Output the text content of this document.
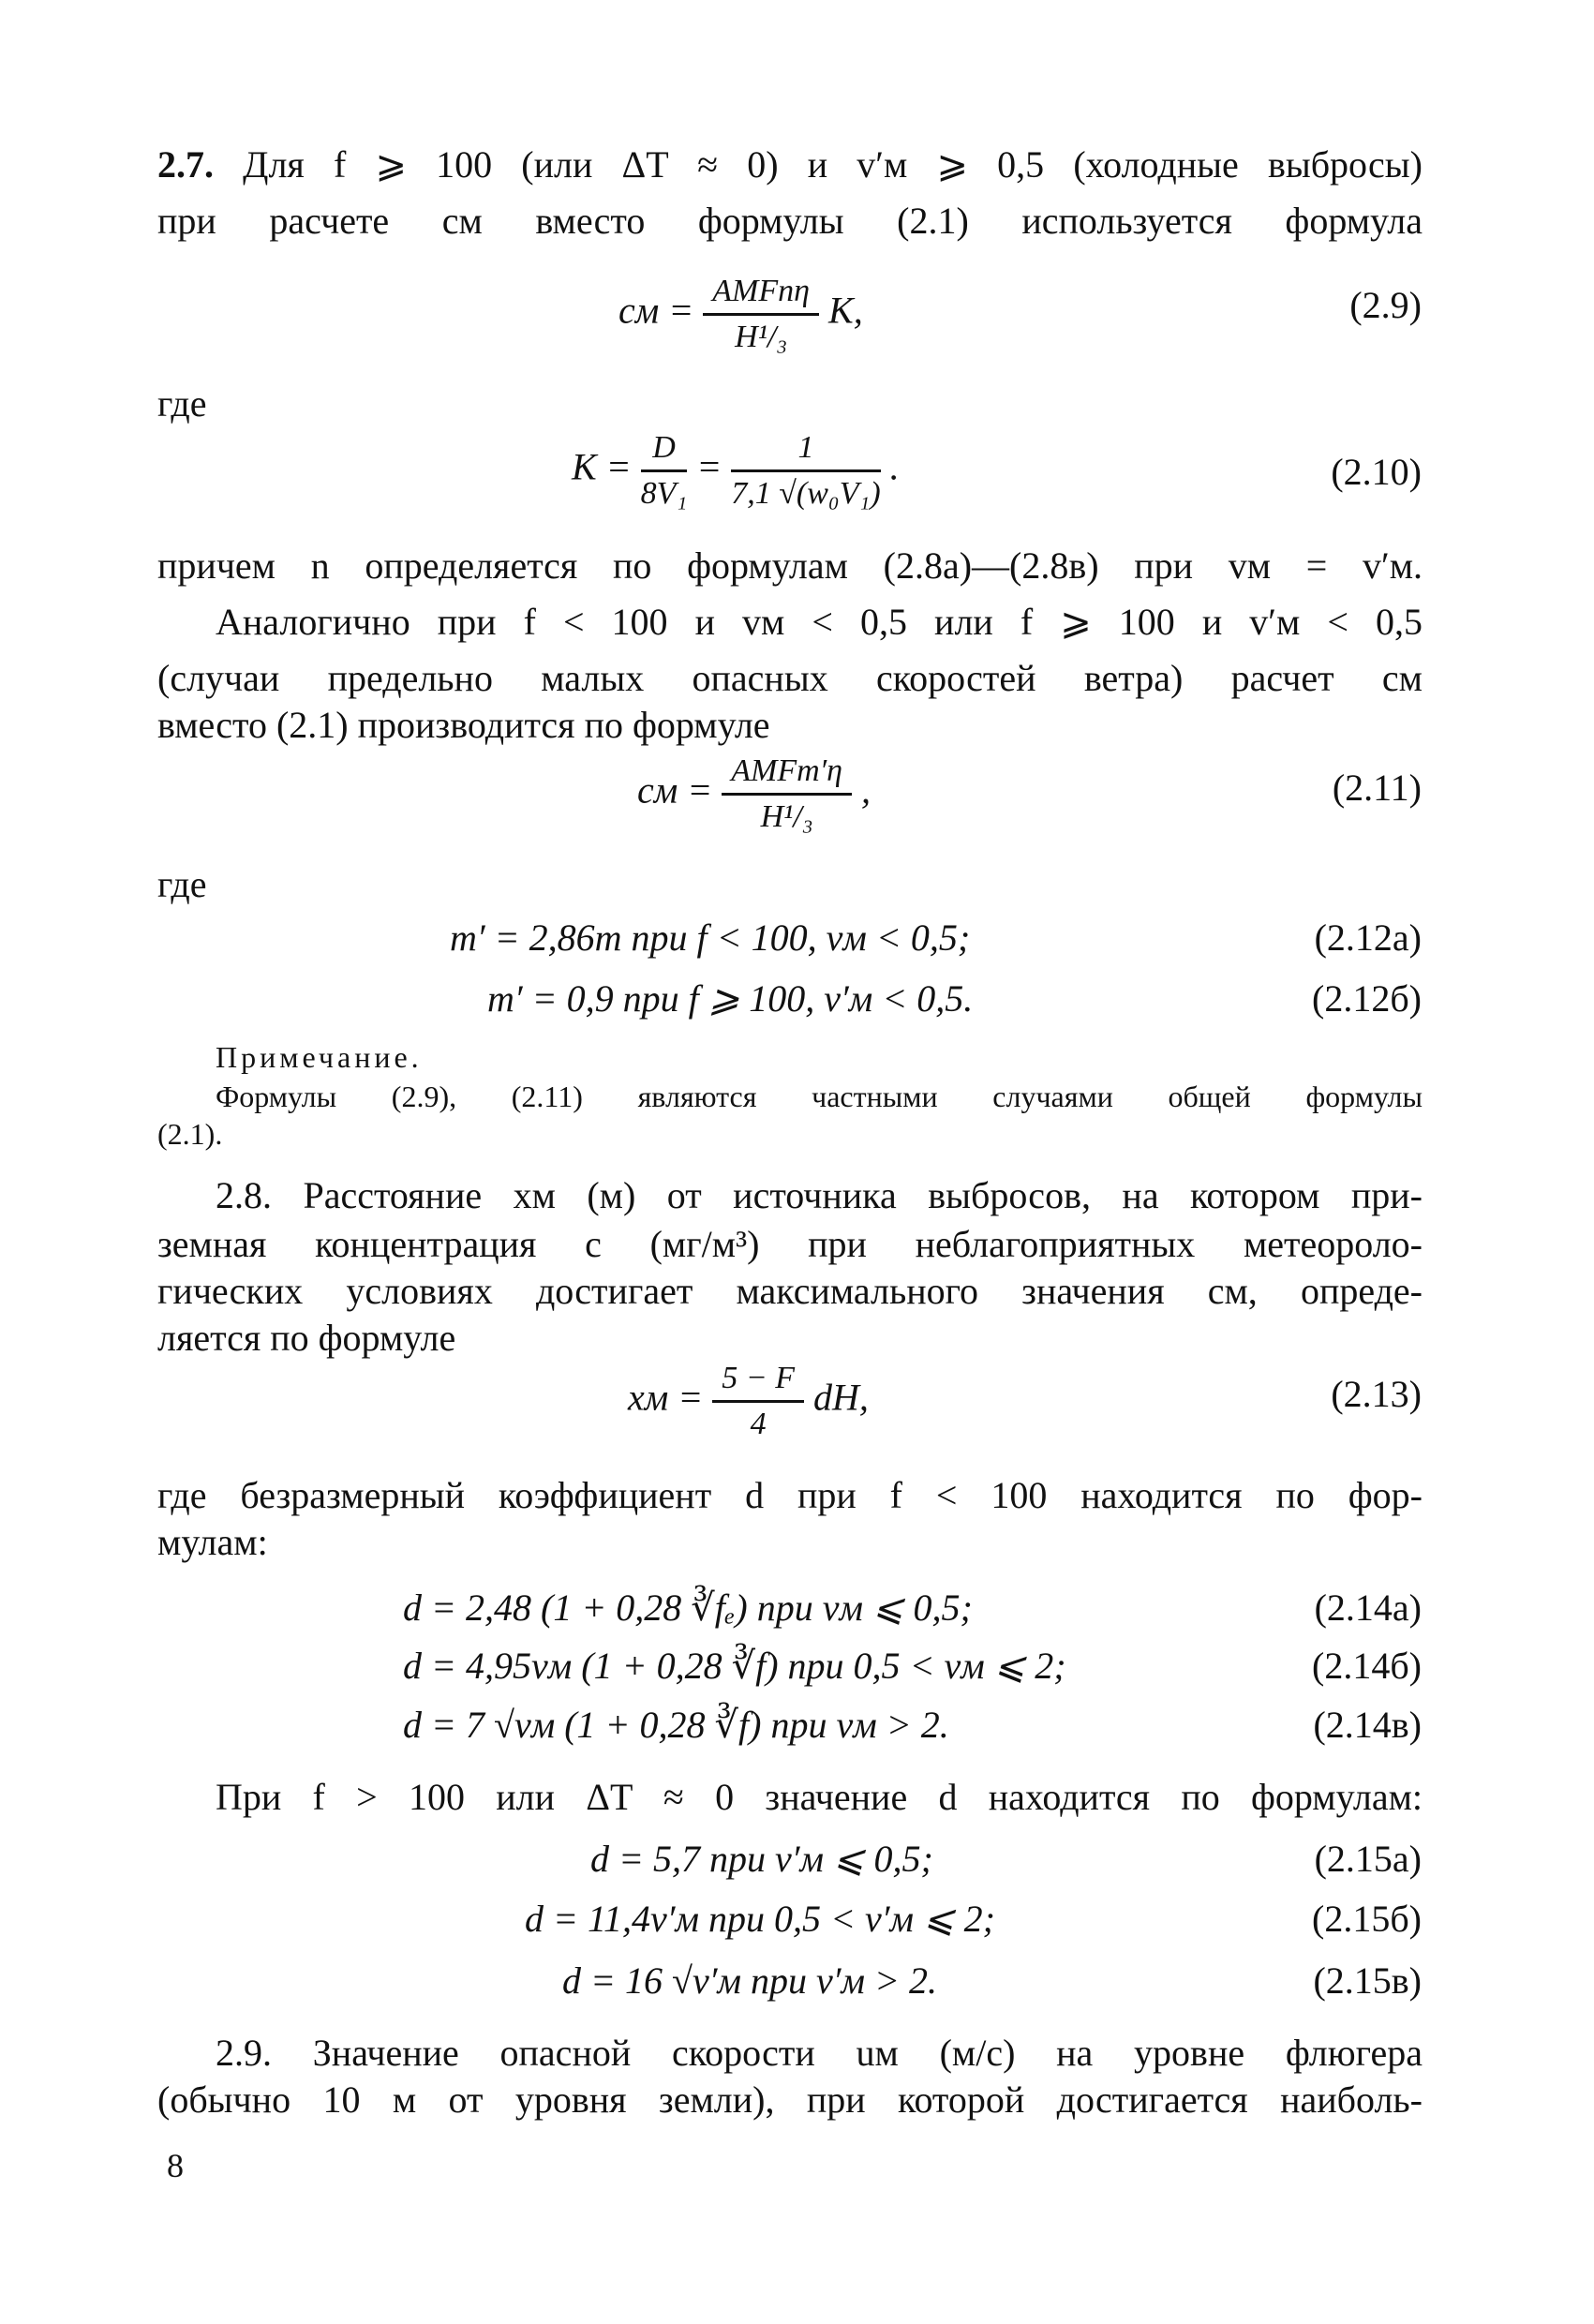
2.7. Для f ⩾ 100 (или ΔT ≈ 0) и v′м ⩾ 0,5 (холодные выбросы)
при расчете cм вместо формулы (2.1) используется формула
cм = $\frac{\text{AMFnη}}{\text{H¹/₃}} K$,	(2.9)
где
$K = \frac{D}{\text{8V₁}} = \frac{1}{\text{7,1 √(w₀V₁)}}$ .	(2.10)
причем n определяется по формулам (2.8а)—(2.8в) при vм = v′м.
Аналогично при f < 100 и vм < 0,5 или f ⩾ 100 и v′м < 0,5
(случаи предельно малых опасных скоростей ветра) расчет cм
вместо (2.1) производится по формуле
cм = $\frac{\text{AMFm′η}}{\text{H¹/₃}}$ ,	(2.11)
где
m′ = 2,86m при f < 100, vм < 0,5;	(2.12а)
m′ = 0,9 при f ⩾ 100, v′м < 0,5.	(2.12б)
Примечание.
Формулы (2.9), (2.11) являются частными случаями общей формулы
(2.1).
2.8. Расстояние xм (м) от источника выбросов, на котором при-
земная концентрация c (мг/м³) при неблагоприятных метеороло-
гических условиях достигает максимального значения cм, опреде-
ляется по формуле
xм = $\frac{5 - F}{4}$ dH,	(2.13)
где безразмерный коэффициент d при f < 100 находится по фор-
мулам:
d = 2,48 (1 + 0,28 ∛fₑ) при vм ⩽ 0,5;	(2.14а)
d = 4,95vм (1 + 0,28 ∛f) при 0,5 < vм ⩽ 2;	(2.14б)
d = 7 √vм (1 + 0,28 ∛f) при vм > 2.	(2.14в)
При f > 100 или ΔT ≈ 0 значение d находится по формулам:
d = 5,7 при v′м ⩽ 0,5;	(2.15а)
d = 11,4v′м при 0,5 < v′м ⩽ 2;	(2.15б)
d = 16 √v′м при v′м > 2.	(2.15в)
2.9. Значение опасной скорости uм (м/с) на уровне флюгера
(обычно 10 м от уровня земли), при которой достигается наиболь-
8
